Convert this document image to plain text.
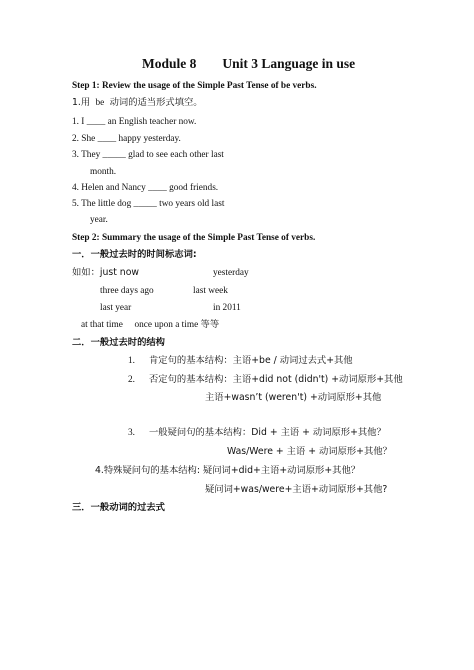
Module 8 Unit 3 Language in use
Step 1: Review the usage of the Simple Past Tense of be verbs.
1.用 be 动词的适当形式填空。
1. I ____ an English teacher now.
2. She ____ happy yesterday.
3. They _____ glad to see each other last
month.
4. Helen and Nancy ____ good friends.
5. The little dog _____ two years old last
year.
Step 2: Summary the usage of the Simple Past Tense of verbs.
一．一般过去时的时间标志词:
如如：just now	yesterday
three days ago	last week
last year	in 2011
at that time     once upon a time 等等
二．一般过去时的结构
1. 肯定句的基本结构：主语+be / 动词过去式+其他
2. 否定句的基本结构：主语+did not (didn't) +动词原形+其他
主语+wasn’t (weren't) +动词原形+其他
3. 一般疑问句的基本结构：Did + 主语 + 动词原形+其他？
Was/Were + 主语 + 动词原形+其他？
4.特殊疑问句的基本结构: 疑问词+did+主语+动词原形+其他？
疑问词+was/were+主语+动词原形+其他?
三．一般动词的过去式
